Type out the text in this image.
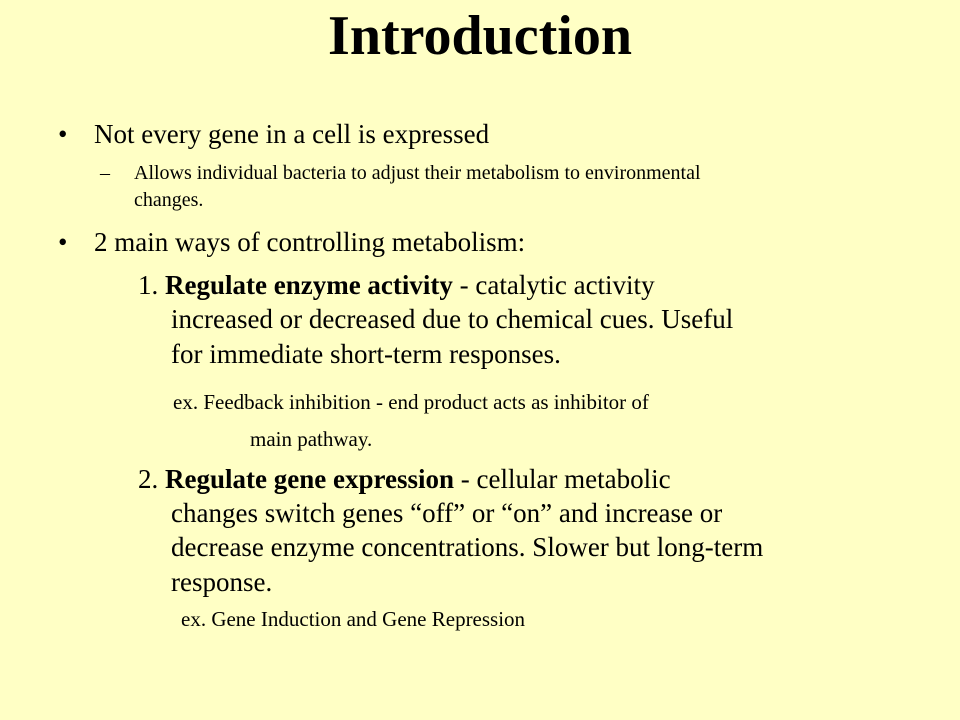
Introduction
• Not every gene in a cell is expressed
– Allows individual bacteria to adjust their metabolism to environmental
changes.
• 2 main ways of controlling metabolism:
1. Regulate enzyme activity - catalytic activity
increased or decreased due to chemical cues. Useful
for immediate short-term responses.
ex. Feedback inhibition - end product acts as inhibitor of
main pathway.
2. Regulate gene expression - cellular metabolic
changes switch genes “off” or “on” and increase or
decrease enzyme concentrations. Slower but long-term
response.
ex. Gene Induction and Gene Repression
